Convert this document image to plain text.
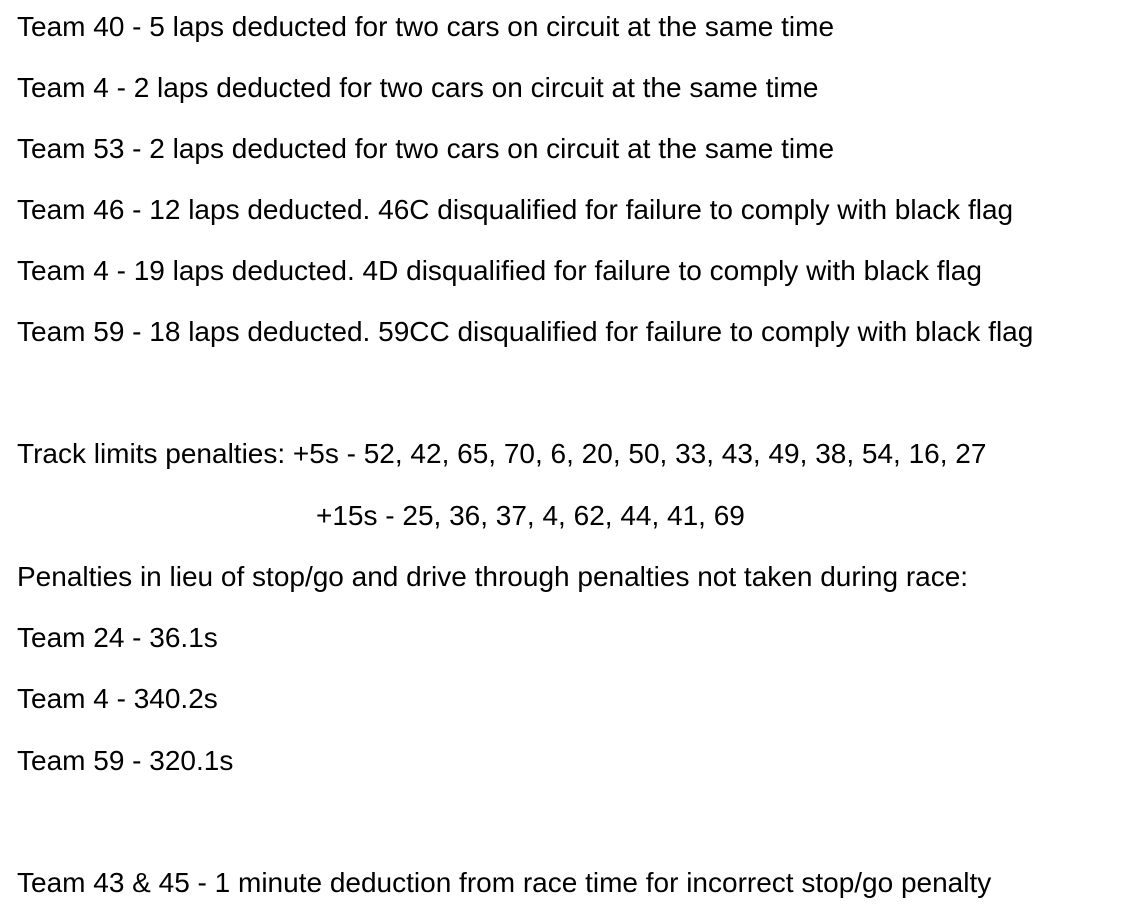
Team 40 - 5 laps deducted for two cars on circuit at the same time

Team 4 - 2 laps deducted for two cars on circuit at the same time

Team 53 - 2 laps deducted for two cars on circuit at the same time

Team 46 - 12 laps deducted. 46C disqualified for failure to comply with black flag

Team 4 - 19 laps deducted. 4D disqualified for failure to comply with black flag

Team 59 - 18 laps deducted. 59CC disqualified for failure to comply with black flag

Track limits penalties: +5s - 52, 42, 65, 70, 6, 20, 50, 33, 43, 49, 38, 54, 16, 27

+15s - 25, 36, 37, 4, 62, 44, 41, 69

Penalties in lieu of stop/go and drive through penalties not taken during race:

Team 24 - 36.1s

Team 4 - 340.2s

Team 59 - 320.1s

Team 43 & 45 - 1 minute deduction from race time for incorrect stop/go penalty
